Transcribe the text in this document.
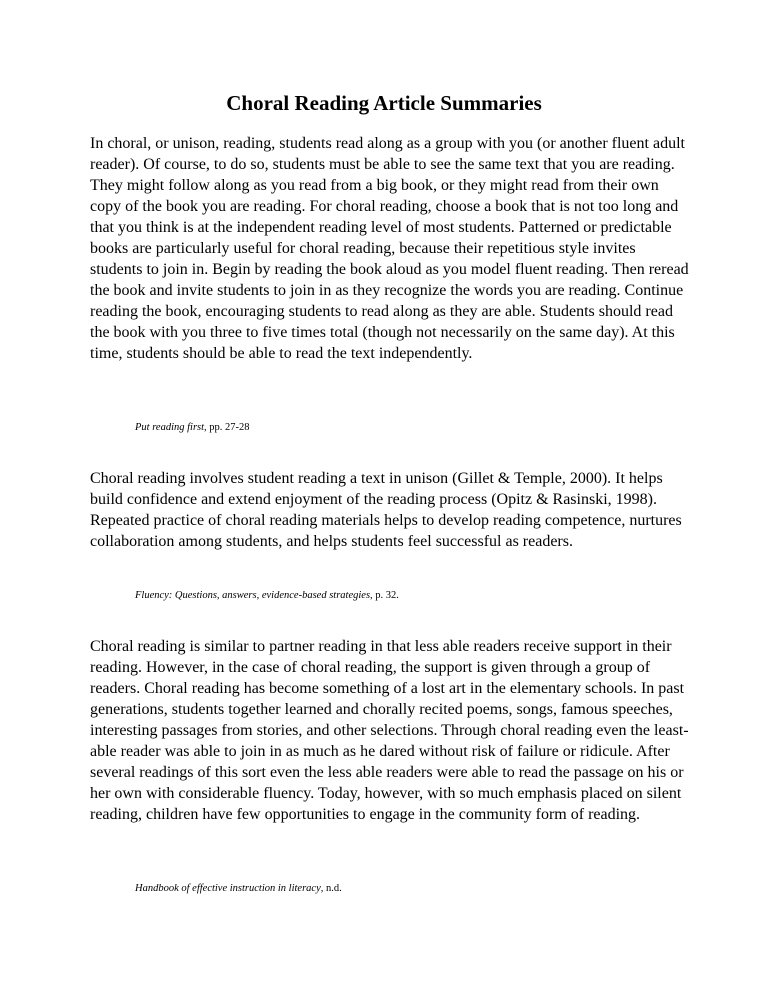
Choral Reading Article Summaries

In choral, or unison, reading, students read along as a group with you (or another fluent adult reader). Of course, to do so, students must be able to see the same text that you are reading. They might follow along as you read from a big book, or they might read from their own copy of the book you are reading. For choral reading, choose a book that is not too long and that you think is at the independent reading level of most students. Patterned or predictable books are particularly useful for choral reading, because their repetitious style invites students to join in. Begin by reading the book aloud as you model fluent reading. Then reread the book and invite students to join in as they recognize the words you are reading. Continue reading the book, encouraging students to read along as they are able. Students should read the book with you three to five times total (though not necessarily on the same day). At this time, students should be able to read the text independently.

Put reading first, pp. 27-28

Choral reading involves student reading a text in unison (Gillet & Temple, 2000). It helps build confidence and extend enjoyment of the reading process (Opitz & Rasinski, 1998). Repeated practice of choral reading materials helps to develop reading competence, nurtures collaboration among students, and helps students feel successful as readers.

Fluency: Questions, answers, evidence-based strategies, p. 32.

Choral reading is similar to partner reading in that less able readers receive support in their reading. However, in the case of choral reading, the support is given through a group of readers. Choral reading has become something of a lost art in the elementary schools. In past generations, students together learned and chorally recited poems, songs, famous speeches, interesting passages from stories, and other selections. Through choral reading even the least-able reader was able to join in as much as he dared without risk of failure or ridicule. After several readings of this sort even the less able readers were able to read the passage on his or her own with considerable fluency. Today, however, with so much emphasis placed on silent reading, children have few opportunities to engage in the community form of reading.

Handbook of effective instruction in literacy, n.d.
